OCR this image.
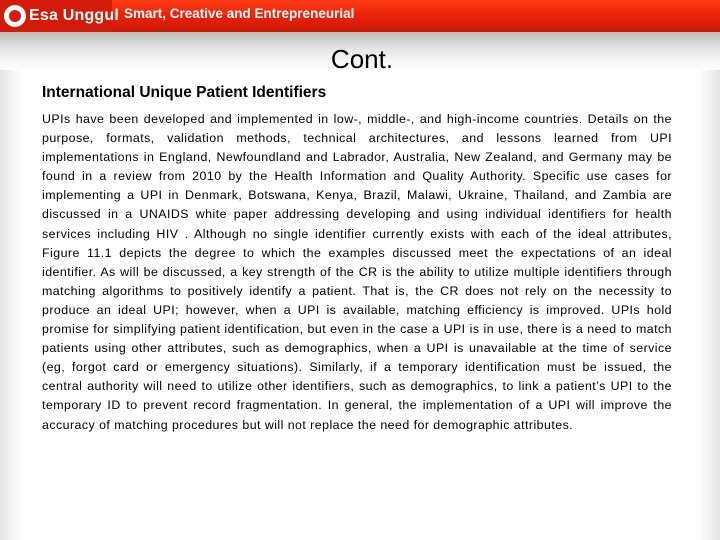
Esa Unggul Smart, Creative and Entrepreneurial
Cont.
International Unique Patient Identifiers

UPIs have been developed and implemented in low-, middle-, and high-income countries. Details on the purpose, formats, validation methods, technical architectures, and lessons learned from UPI implementations in England, Newfoundland and Labrador, Australia, New Zealand, and Germany may be found in a review from 2010 by the Health Information and Quality Authority. Specific use cases for implementing a UPI in Denmark, Botswana, Kenya, Brazil, Malawi, Ukraine, Thailand, and Zambia are discussed in a UNAIDS white paper addressing developing and using individual identifiers for health services including HIV . Although no single identifier currently exists with each of the ideal attributes, Figure 11.1 depicts the degree to which the examples discussed meet the expectations of an ideal identifier. As will be discussed, a key strength of the CR is the ability to utilize multiple identifiers through matching algorithms to positively identify a patient. That is, the CR does not rely on the necessity to produce an ideal UPI; however, when a UPI is available, matching efficiency is improved. UPIs hold promise for simplifying patient identification, but even in the case a UPI is in use, there is a need to match patients using other attributes, such as demographics, when a UPI is unavailable at the time of service (eg, forgot card or emergency situations). Similarly, if a temporary identification must be issued, the central authority will need to utilize other identifiers, such as demographics, to link a patient’s UPI to the temporary ID to prevent record fragmentation. In general, the implementation of a UPI will improve the accuracy of matching procedures but will not replace the need for demographic attributes.
